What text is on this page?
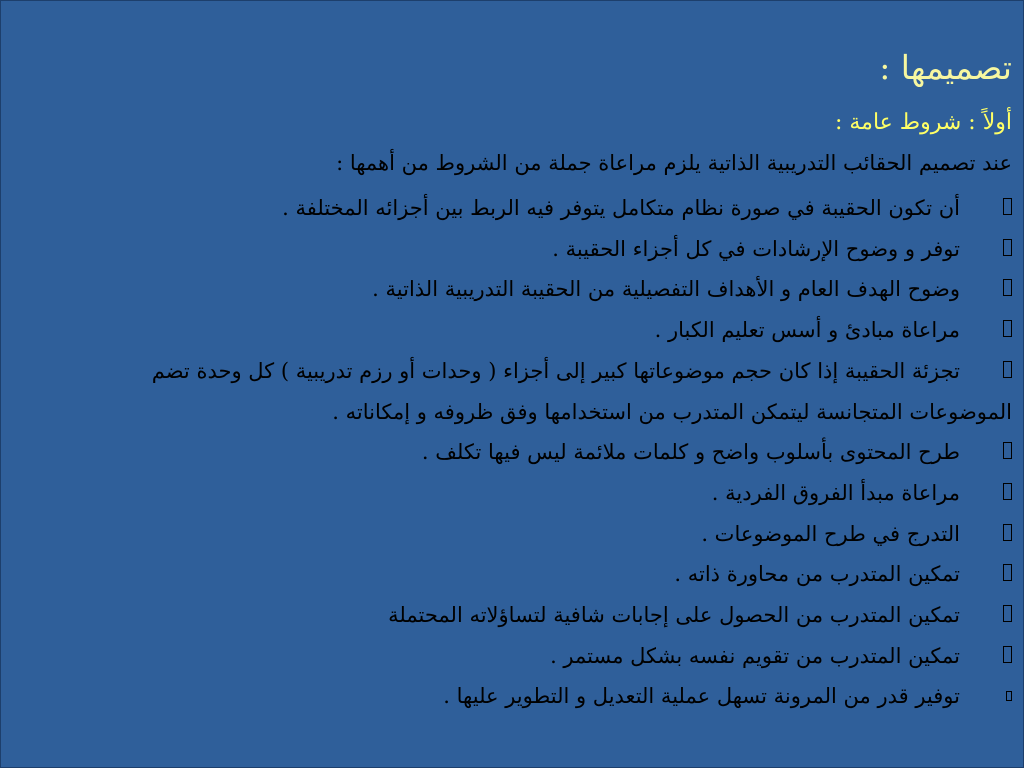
تصميمها :

أولاً : شروط عامة :

عند تصميم الحقائب التدريبية الذاتية يلزم مراعاة جملة من الشروط من أهمها :

أن تكون الحقيبة في صورة نظام متكامل يتوفر فيه الربط بين أجزائه المختلفة .
توفر و وضوح الإرشادات في كل أجزاء الحقيبة .
وضوح الهدف العام و الأهداف التفصيلية من الحقيبة التدريبية الذاتية .
مراعاة مبادئ و أسس تعليم الكبار .
تجزئة الحقيبة إذا كان حجم موضوعاتها كبير إلى أجزاء ( وحدات أو رزم تدريبية ) كل وحدة تضم
الموضوعات المتجانسة ليتمكن المتدرب من استخدامها وفق ظروفه و إمكاناته .
طرح المحتوى بأسلوب واضح و كلمات ملائمة ليس فيها تكلف .
مراعاة مبدأ الفروق الفردية .
التدرج في طرح الموضوعات .
تمكين المتدرب من محاورة ذاته .
تمكين المتدرب من الحصول على إجابات شافية لتساؤلاته المحتملة
تمكين المتدرب من تقويم نفسه بشكل مستمر .
توفير قدر من المرونة تسهل عملية التعديل و التطوير عليها .
